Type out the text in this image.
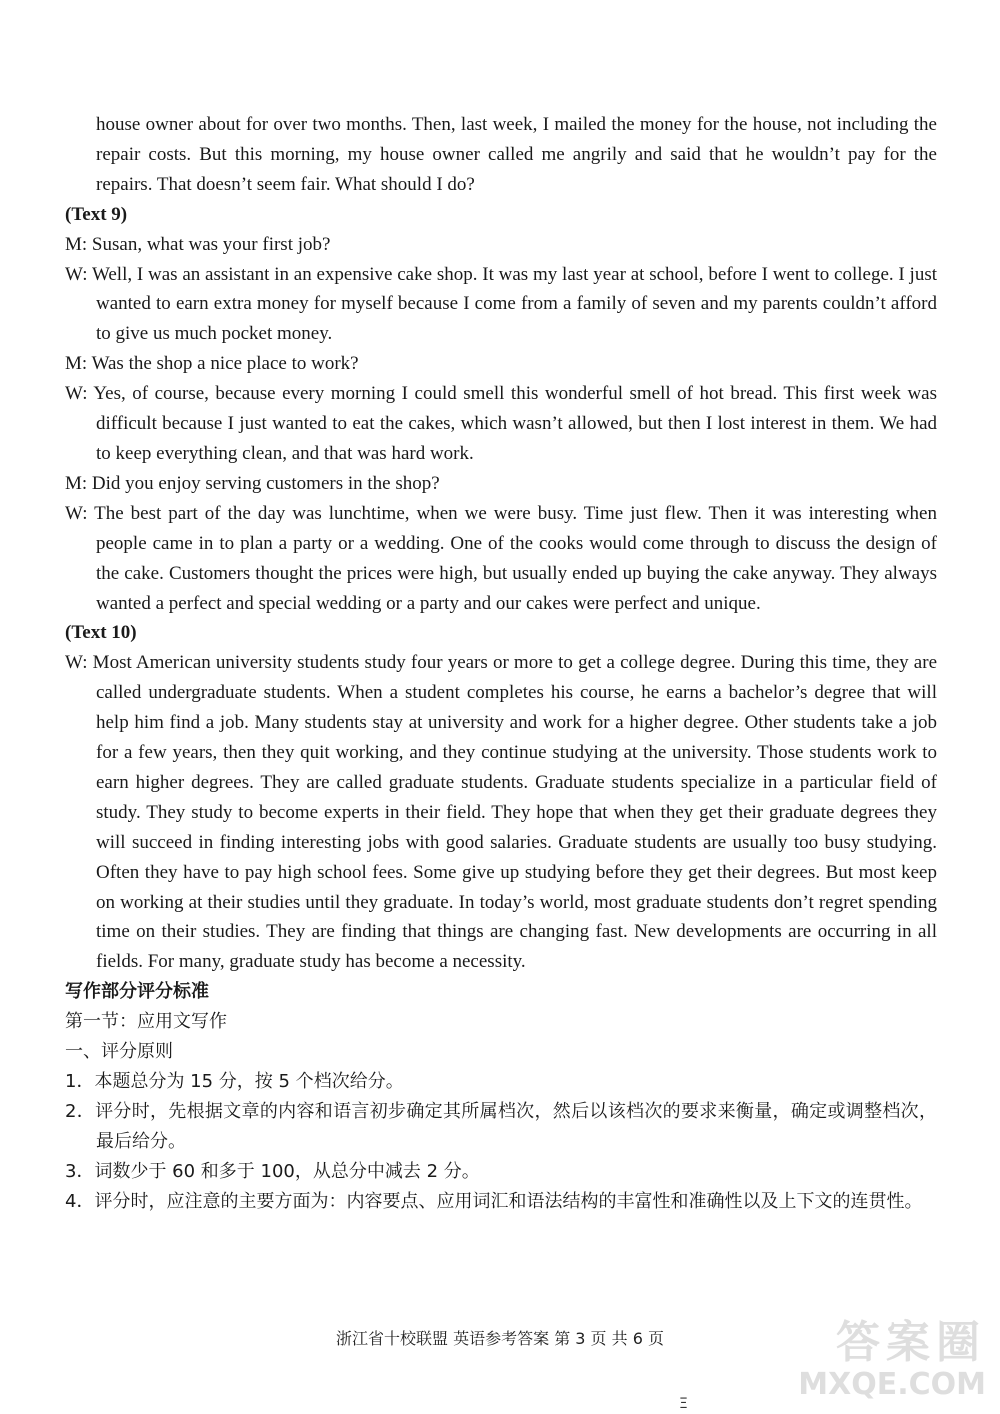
house owner about for over two months. Then, last week, I mailed the money for the house, not including the repair costs. But this morning, my house owner called me angrily and said that he wouldn’t pay for the repairs. That doesn’t seem fair. What should I do?

(Text 9)

M: Susan, what was your first job?

W: Well, I was an assistant in an expensive cake shop. It was my last year at school, before I went to college. I just wanted to earn extra money for myself because I come from a family of seven and my parents couldn’t afford to give us much pocket money.

M: Was the shop a nice place to work?

W: Yes, of course, because every morning I could smell this wonderful smell of hot bread. This first week was difficult because I just wanted to eat the cakes, which wasn’t allowed, but then I lost interest in them. We had to keep everything clean, and that was hard work.

M: Did you enjoy serving customers in the shop?

W: The best part of the day was lunchtime, when we were busy. Time just flew. Then it was interesting when people came in to plan a party or a wedding. One of the cooks would come through to discuss the design of the cake. Customers thought the prices were high, but usually ended up buying the cake anyway. They always wanted a perfect and special wedding or a party and our cakes were perfect and unique.

(Text 10)

W: Most American university students study four years or more to get a college degree. During this time, they are called undergraduate students. When a student completes his course, he earns a bachelor’s degree that will help him find a job. Many students stay at university and work for a higher degree. Other students take a job for a few years, then they quit working, and they continue studying at the university. Those students work to earn higher degrees. They are called graduate students. Graduate students specialize in a particular field of study. They study to become experts in their field. They hope that when they get their graduate degrees they will succeed in finding interesting jobs with good salaries. Graduate students are usually too busy studying. Often they have to pay high school fees. Some give up studying before they get their degrees. But most keep on working at their studies until they graduate. In today’s world, most graduate students don’t regret spending time on their studies. They are finding that things are changing fast. New developments are occurring in all fields. For many, graduate study has become a necessity.

写作部分评分标准

第一节：应用文写作

一、评分原则

1．本题总分为 15 分，按 5 个档次给分。

2．评分时，先根据文章的内容和语言初步确定其所属档次，然后以该档次的要求来衡量，确定或调整档次，最后给分。

3．词数少于 60 和多于 100，从总分中减去 2 分。

4．评分时，应注意的主要方面为：内容要点、应用词汇和语法结构的丰富性和准确性以及上下文的连贯性。

浙江省十校联盟 英语参考答案 第 3 页 共 6 页	答案圈
MXQE.COM
Ξ
